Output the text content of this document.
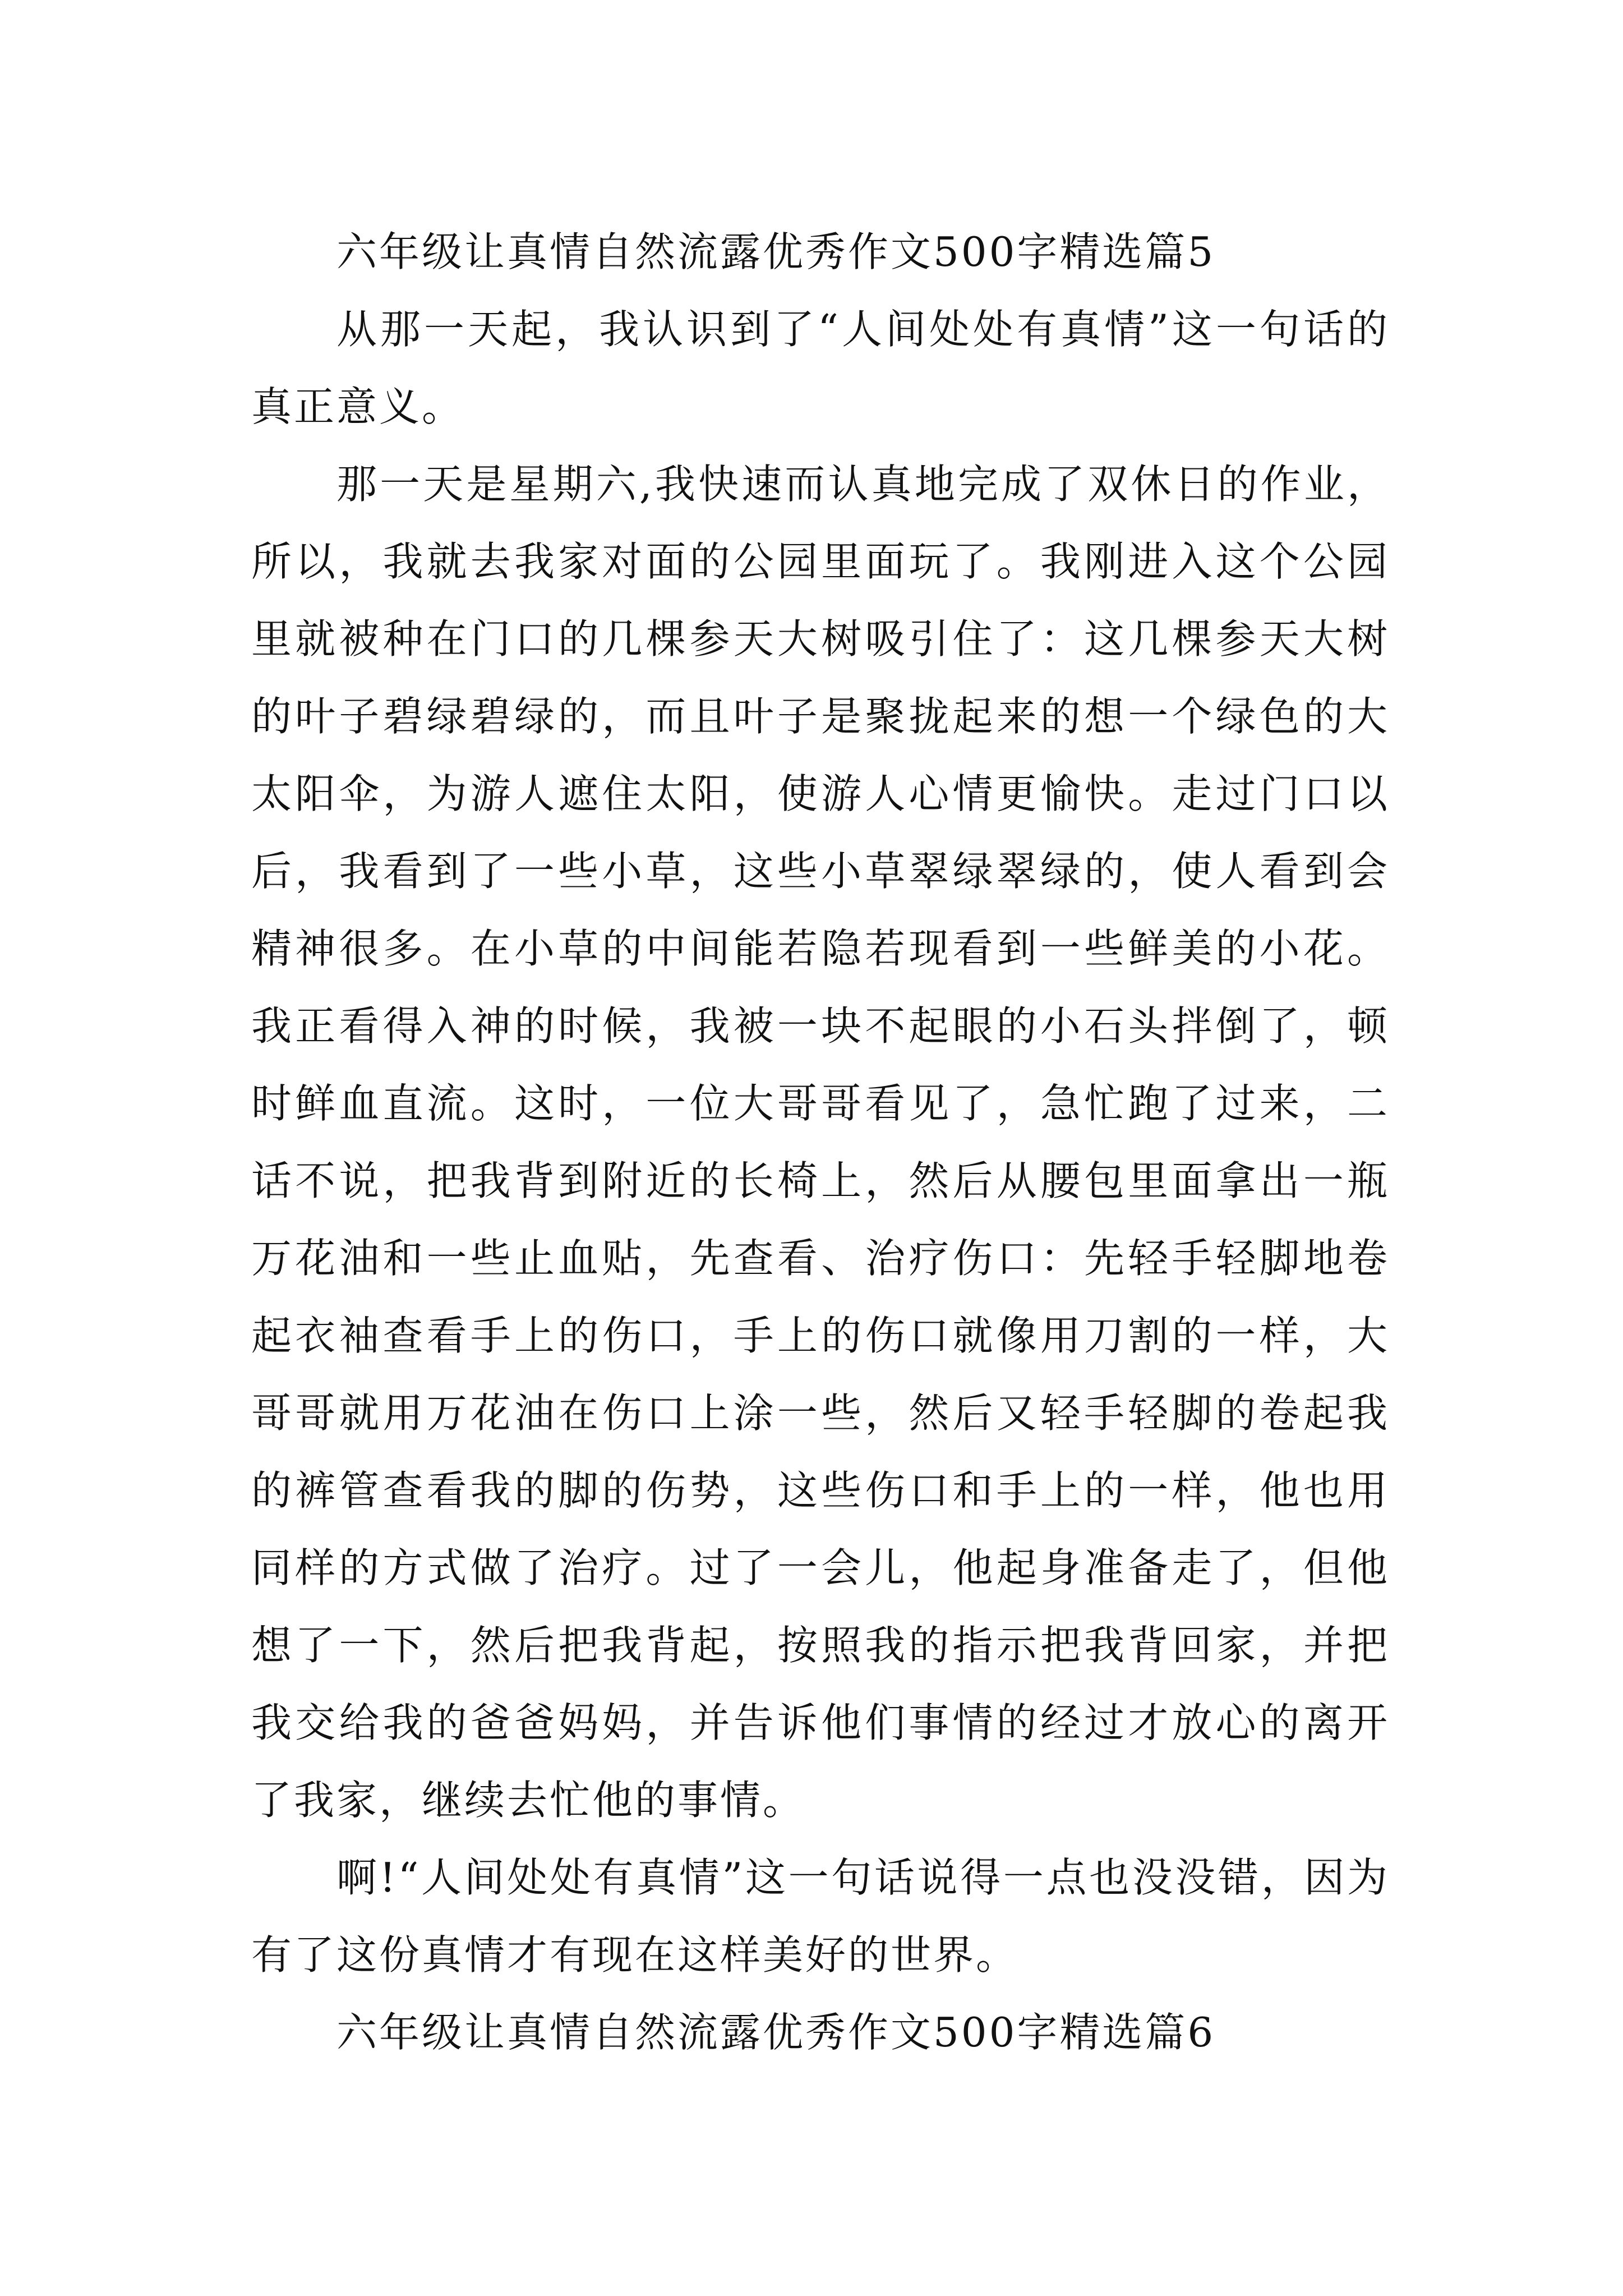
六年级让真情自然流露优秀作文500字精选篇5

从那一天起，我认识到了“人间处处有真情”这一句话的真正意义。

那一天是星期六,我快速而认真地完成了双休日的作业，所以，我就去我家对面的公园里面玩了。我刚进入这个公园里就被种在门口的几棵参天大树吸引住了：这几棵参天大树的叶子碧绿碧绿的，而且叶子是聚拢起来的想一个绿色的大太阳伞，为游人遮住太阳，使游人心情更愉快。走过门口以后，我看到了一些小草，这些小草翠绿翠绿的，使人看到会精神很多。在小草的中间能若隐若现看到一些鲜美的小花。我正看得入神的时候，我被一块不起眼的小石头拌倒了，顿时鲜血直流。这时，一位大哥哥看见了，急忙跑了过来，二话不说，把我背到附近的长椅上，然后从腰包里面拿出一瓶万花油和一些止血贴，先查看、治疗伤口：先轻手轻脚地卷起衣袖查看手上的伤口，手上的伤口就像用刀割的一样，大哥哥就用万花油在伤口上涂一些，然后又轻手轻脚的卷起我的裤管查看我的脚的伤势，这些伤口和手上的一样，他也用同样的方式做了治疗。过了一会儿，他起身准备走了，但他想了一下，然后把我背起，按照我的指示把我背回家，并把我交给我的爸爸妈妈，并告诉他们事情的经过才放心的离开了我家，继续去忙他的事情。

啊!“人间处处有真情”这一句话说得一点也没没错，因为有了这份真情才有现在这样美好的世界。

六年级让真情自然流露优秀作文500字精选篇6
